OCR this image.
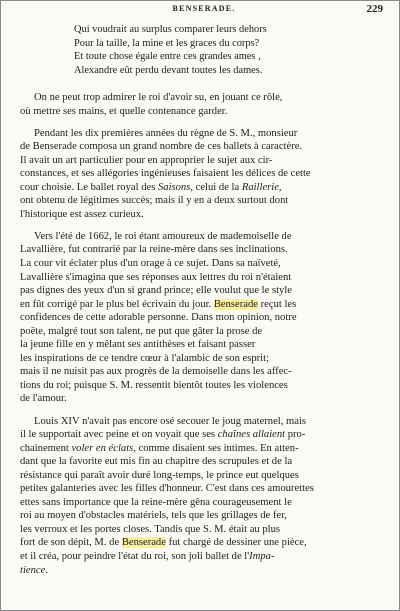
BENSERADE.	229
Qui voudrait au surplus comparer leurs dehors
Pour la taille, la mine et les graces du corps?
Et toute chose égale entre ces grandes ames ,
Alexandre eût perdu devant toutes les dames.
On ne peut trop admirer le roi d'avoir su, en jouant ce rôle,
où mettre ses mains, et quelle contenance garder.
Pendant les dix premières années du règne de S. M., monsieur
de Benserade composa un grand nombre de ces ballets à caractère.
Il avait un art particulier pour en approprier le sujet aux cir-
constances, et ses allégories ingénieuses faisaient les délices de cette
cour choisie. Le ballet royal des Saisons, celui de la Raillerie,
ont obtenu de légitimes succès; mais il y en a deux surtout dont
l'historique est assez curieux.
Vers l'été de 1662, le roi étant amoureux de mademoiselle de
Lavallière, fut contrarié par la reine-mère dans ses inclinations.
La cour vit éclater plus d'un orage à ce sujet. Dans sa naïveté,
Lavallière s'imagina que ses réponses aux lettres du roi n'étaient
pas dignes des yeux d'un si grand prince; elle voulut que le style
en fût corrigé par le plus bel écrivain du jour. Benserade reçut les
confidences de cette adorable personne. Dans mon opinion, notre
poëte, malgré tout son talent, ne put que gâter la prose de
la jeune fille en y mêlant ses antithèses et faisant passer
les inspirations de ce tendre cœur à l'alambic de son esprit;
mais il ne nuisit pas aux progrès de la demoiselle dans les affec-
tions du roi; puisque S. M. ressentit bientôt toutes les violences
de l'amour.
Louis XIV n'avait pas encore osé secouer le joug maternel, mais
il le supportait avec peine et on voyait que ses chaînes allaient pro-
chainement voler en éclats, comme disaient ses intimes. En atten-
dant que la favorite eut mis fin au chapitre des scrupules et de la
résistance qui paraît avoir duré long-temps, le prince eut quelques
petites galanteries avec les filles d'honneur. C'est dans ces amourettes
ettes sans importance que la reine-mère gêna courageusement le
roi au moyen d'obstacles matériels, tels que les grillages de fer,
les verroux et les portes closes. Tandis que S. M. était au plus
fort de son dépit, M. de Benserade fut chargé de dessiner une pièce,
et il créa, pour peindre l'état du roi, son joli ballet de l'Impa-
tience.
